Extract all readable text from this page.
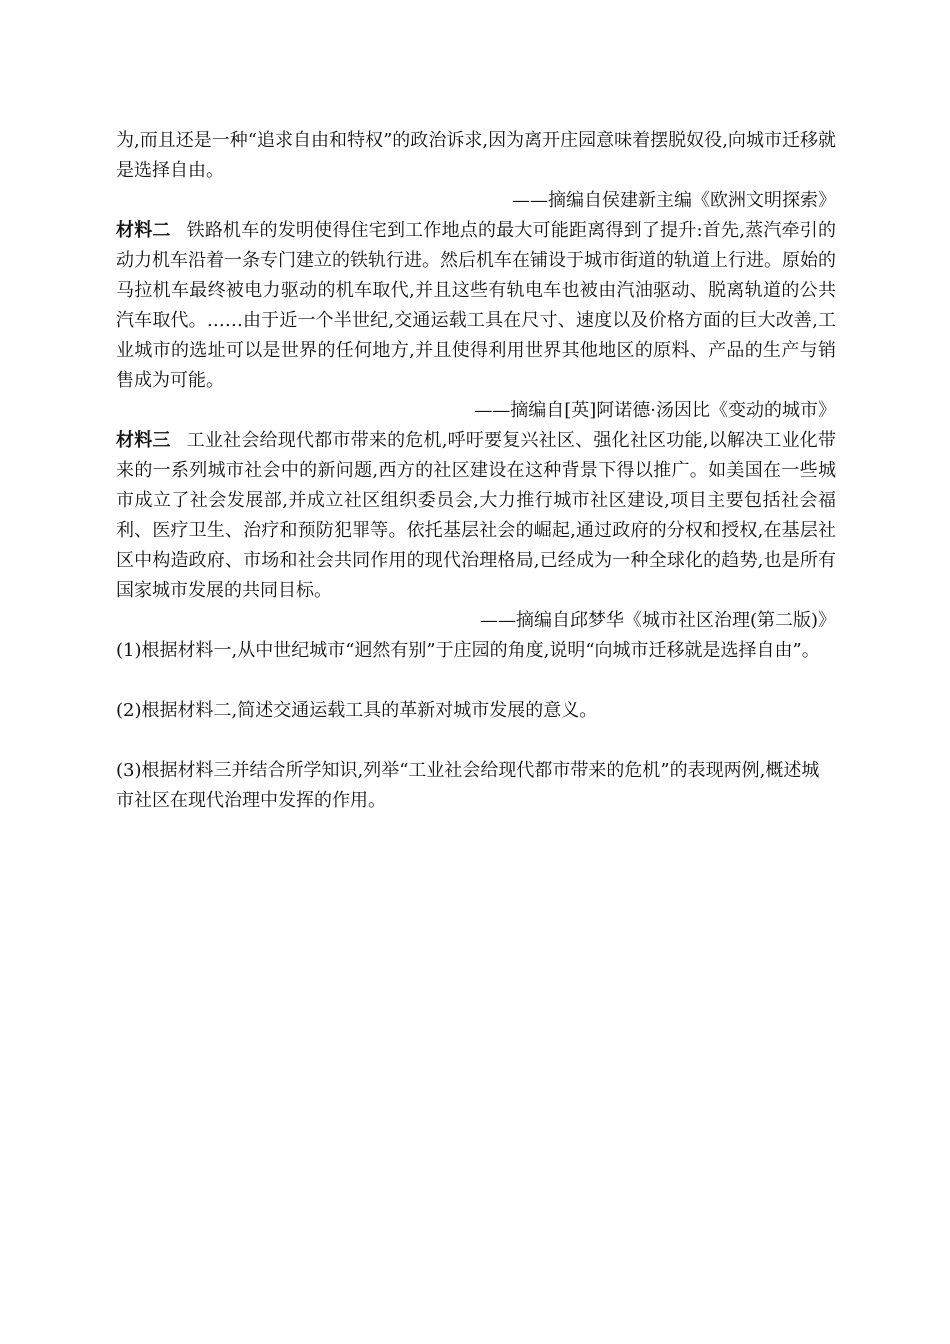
为,而且还是一种“追求自由和特权”的政治诉求,因为离开庄园意味着摆脱奴役,向城市迁移就是选择自由。

——摘编自侯建新主编《欧洲文明探索》

材料二 铁路机车的发明使得住宅到工作地点的最大可能距离得到了提升:首先,蒸汽牵引的动力机车沿着一条专门建立的铁轨行进。然后机车在铺设于城市街道的轨道上行进。原始的马拉机车最终被电力驱动的机车取代,并且这些有轨电车也被由汽油驱动、脱离轨道的公共汽车取代。……由于近一个半世纪,交通运载工具在尺寸、速度以及价格方面的巨大改善,工业城市的选址可以是世界的任何地方,并且使得利用世界其他地区的原料、产品的生产与销售成为可能。

——摘编自[英]阿诺德·汤因比《变动的城市》

材料三 工业社会给现代都市带来的危机,呼吁要复兴社区、强化社区功能,以解决工业化带来的一系列城市社会中的新问题,西方的社区建设在这种背景下得以推广。如美国在一些城市成立了社会发展部,并成立社区组织委员会,大力推行城市社区建设,项目主要包括社会福利、医疗卫生、治疗和预防犯罪等。依托基层社会的崛起,通过政府的分权和授权,在基层社区中构造政府、市场和社会共同作用的现代治理格局,已经成为一种全球化的趋势,也是所有国家城市发展的共同目标。

——摘编自邱梦华《城市社区治理(第二版)》

(1)根据材料一,从中世纪城市“迥然有别”于庄园的角度,说明“向城市迁移就是选择自由”。

(2)根据材料二,简述交通运载工具的革新对城市发展的意义。

(3)根据材料三并结合所学知识,列举“工业社会给现代都市带来的危机”的表现两例,概述城市社区在现代治理中发挥的作用。
